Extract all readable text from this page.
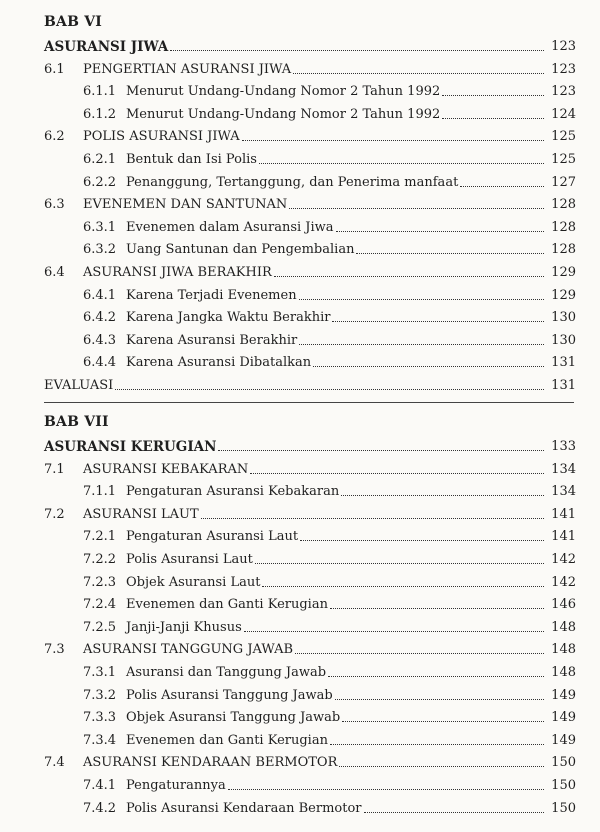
BAB VI
ASURANSI JIWA	123
6.1 PENGERTIAN ASURANSI JIWA	123
6.1.1 Menurut Undang-Undang Nomor 2 Tahun 1992	123
6.1.2 Menurut Undang-Undang Nomor 2 Tahun 1992	124
6.2 POLIS ASURANSI JIWA	125
6.2.1 Bentuk dan Isi Polis	125
6.2.2 Penanggung, Tertanggung, dan Penerima manfaat	127
6.3 EVENEMEN DAN SANTUNAN	128
6.3.1 Evenemen dalam Asuransi Jiwa	128
6.3.2 Uang Santunan dan Pengembalian	128
6.4 ASURANSI JIWA BERAKHIR	129
6.4.1 Karena Terjadi Evenemen	129
6.4.2 Karena Jangka Waktu Berakhir	130
6.4.3 Karena Asuransi Berakhir	130
6.4.4 Karena Asuransi Dibatalkan	131
EVALUASI	131
BAB VII
ASURANSI KERUGIAN	133
7.1 ASURANSI KEBAKARAN	134
7.1.1 Pengaturan Asuransi Kebakaran	134
7.2 ASURANSI LAUT	141
7.2.1 Pengaturan Asuransi Laut	141
7.2.2 Polis Asuransi Laut	142
7.2.3 Objek Asuransi Laut	142
7.2.4 Evenemen dan Ganti Kerugian	146
7.2.5 Janji-Janji Khusus	148
7.3 ASURANSI TANGGUNG JAWAB	148
7.3.1 Asuransi dan Tanggung Jawab	148
7.3.2 Polis Asuransi Tanggung Jawab	149
7.3.3 Objek Asuransi Tanggung Jawab	149
7.3.4 Evenemen dan Ganti Kerugian	149
7.4 ASURANSI KENDARAAN BERMOTOR	150
7.4.1 Pengaturannya	150
7.4.2 Polis Asuransi Kendaraan Bermotor	150
